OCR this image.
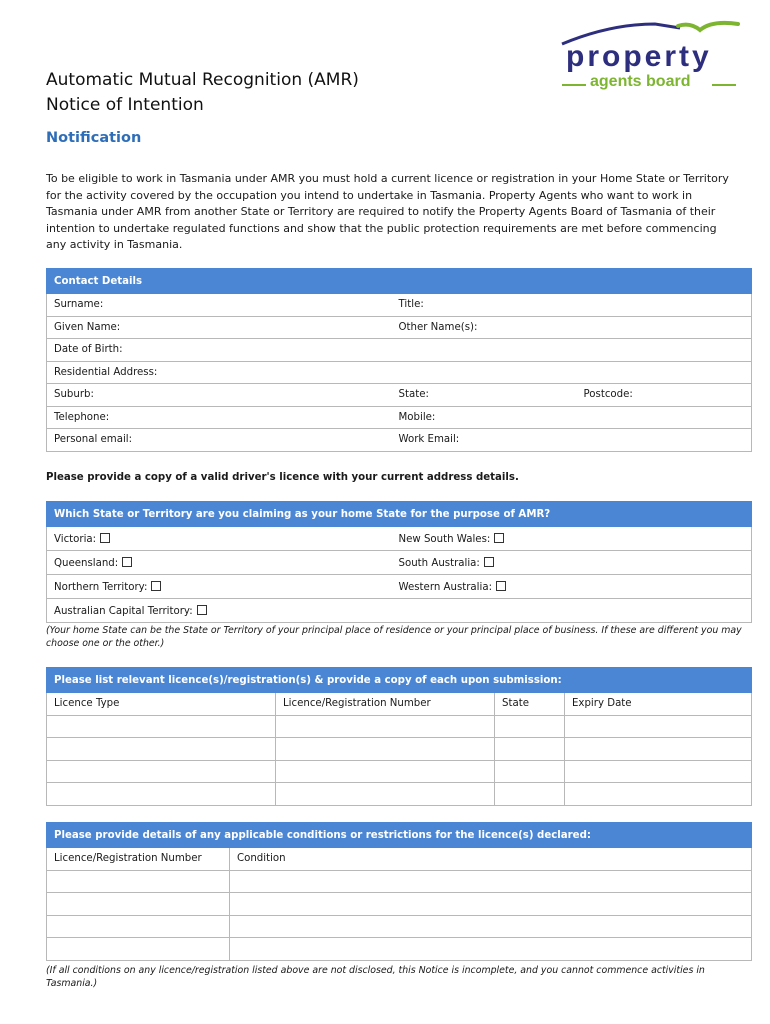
property
agents board
Automatic Mutual Recognition (AMR)
Notice of Intention
Notification
To be eligible to work in Tasmania under AMR you must hold a current licence or registration in your Home State or Territory for the activity covered by the occupation you intend to undertake in Tasmania. Property Agents who want to work in Tasmania under AMR from another State or Territory are required to notify the Property Agents Board of Tasmania of their intention to undertake regulated functions and show that the public protection requirements are met before commencing any activity in Tasmania.
Contact Details		
Surname:	Title:	
Given Name:	Other Name(s):	
Date of Birth:		
Residential Address:		
Suburb:	State:	Postcode:
Telephone:	Mobile:	
Personal email:	Work Email:	
Please provide a copy of a valid driver's licence with your current address details.
Which State or Territory are you claiming as your home State for the purpose of AMR?	
Victoria:	New South Wales:
Queensland:	South Australia:
Northern Territory:	Western Australia:
Australian Capital Territory:	
(Your home State can be the State or Territory of your principal place of residence or your principal place of business. If these are different you may choose one or the other.)
Please list relevant licence(s)/registration(s) & provide a copy of each upon submission:			
Licence Type	Licence/Registration Number	State	Expiry Date

Please provide details of any applicable conditions or restrictions for the licence(s) declared:	
Licence/Registration Number	Condition

(If all conditions on any licence/registration listed above are not disclosed, this Notice is incomplete, and you cannot commence activities in Tasmania.)
